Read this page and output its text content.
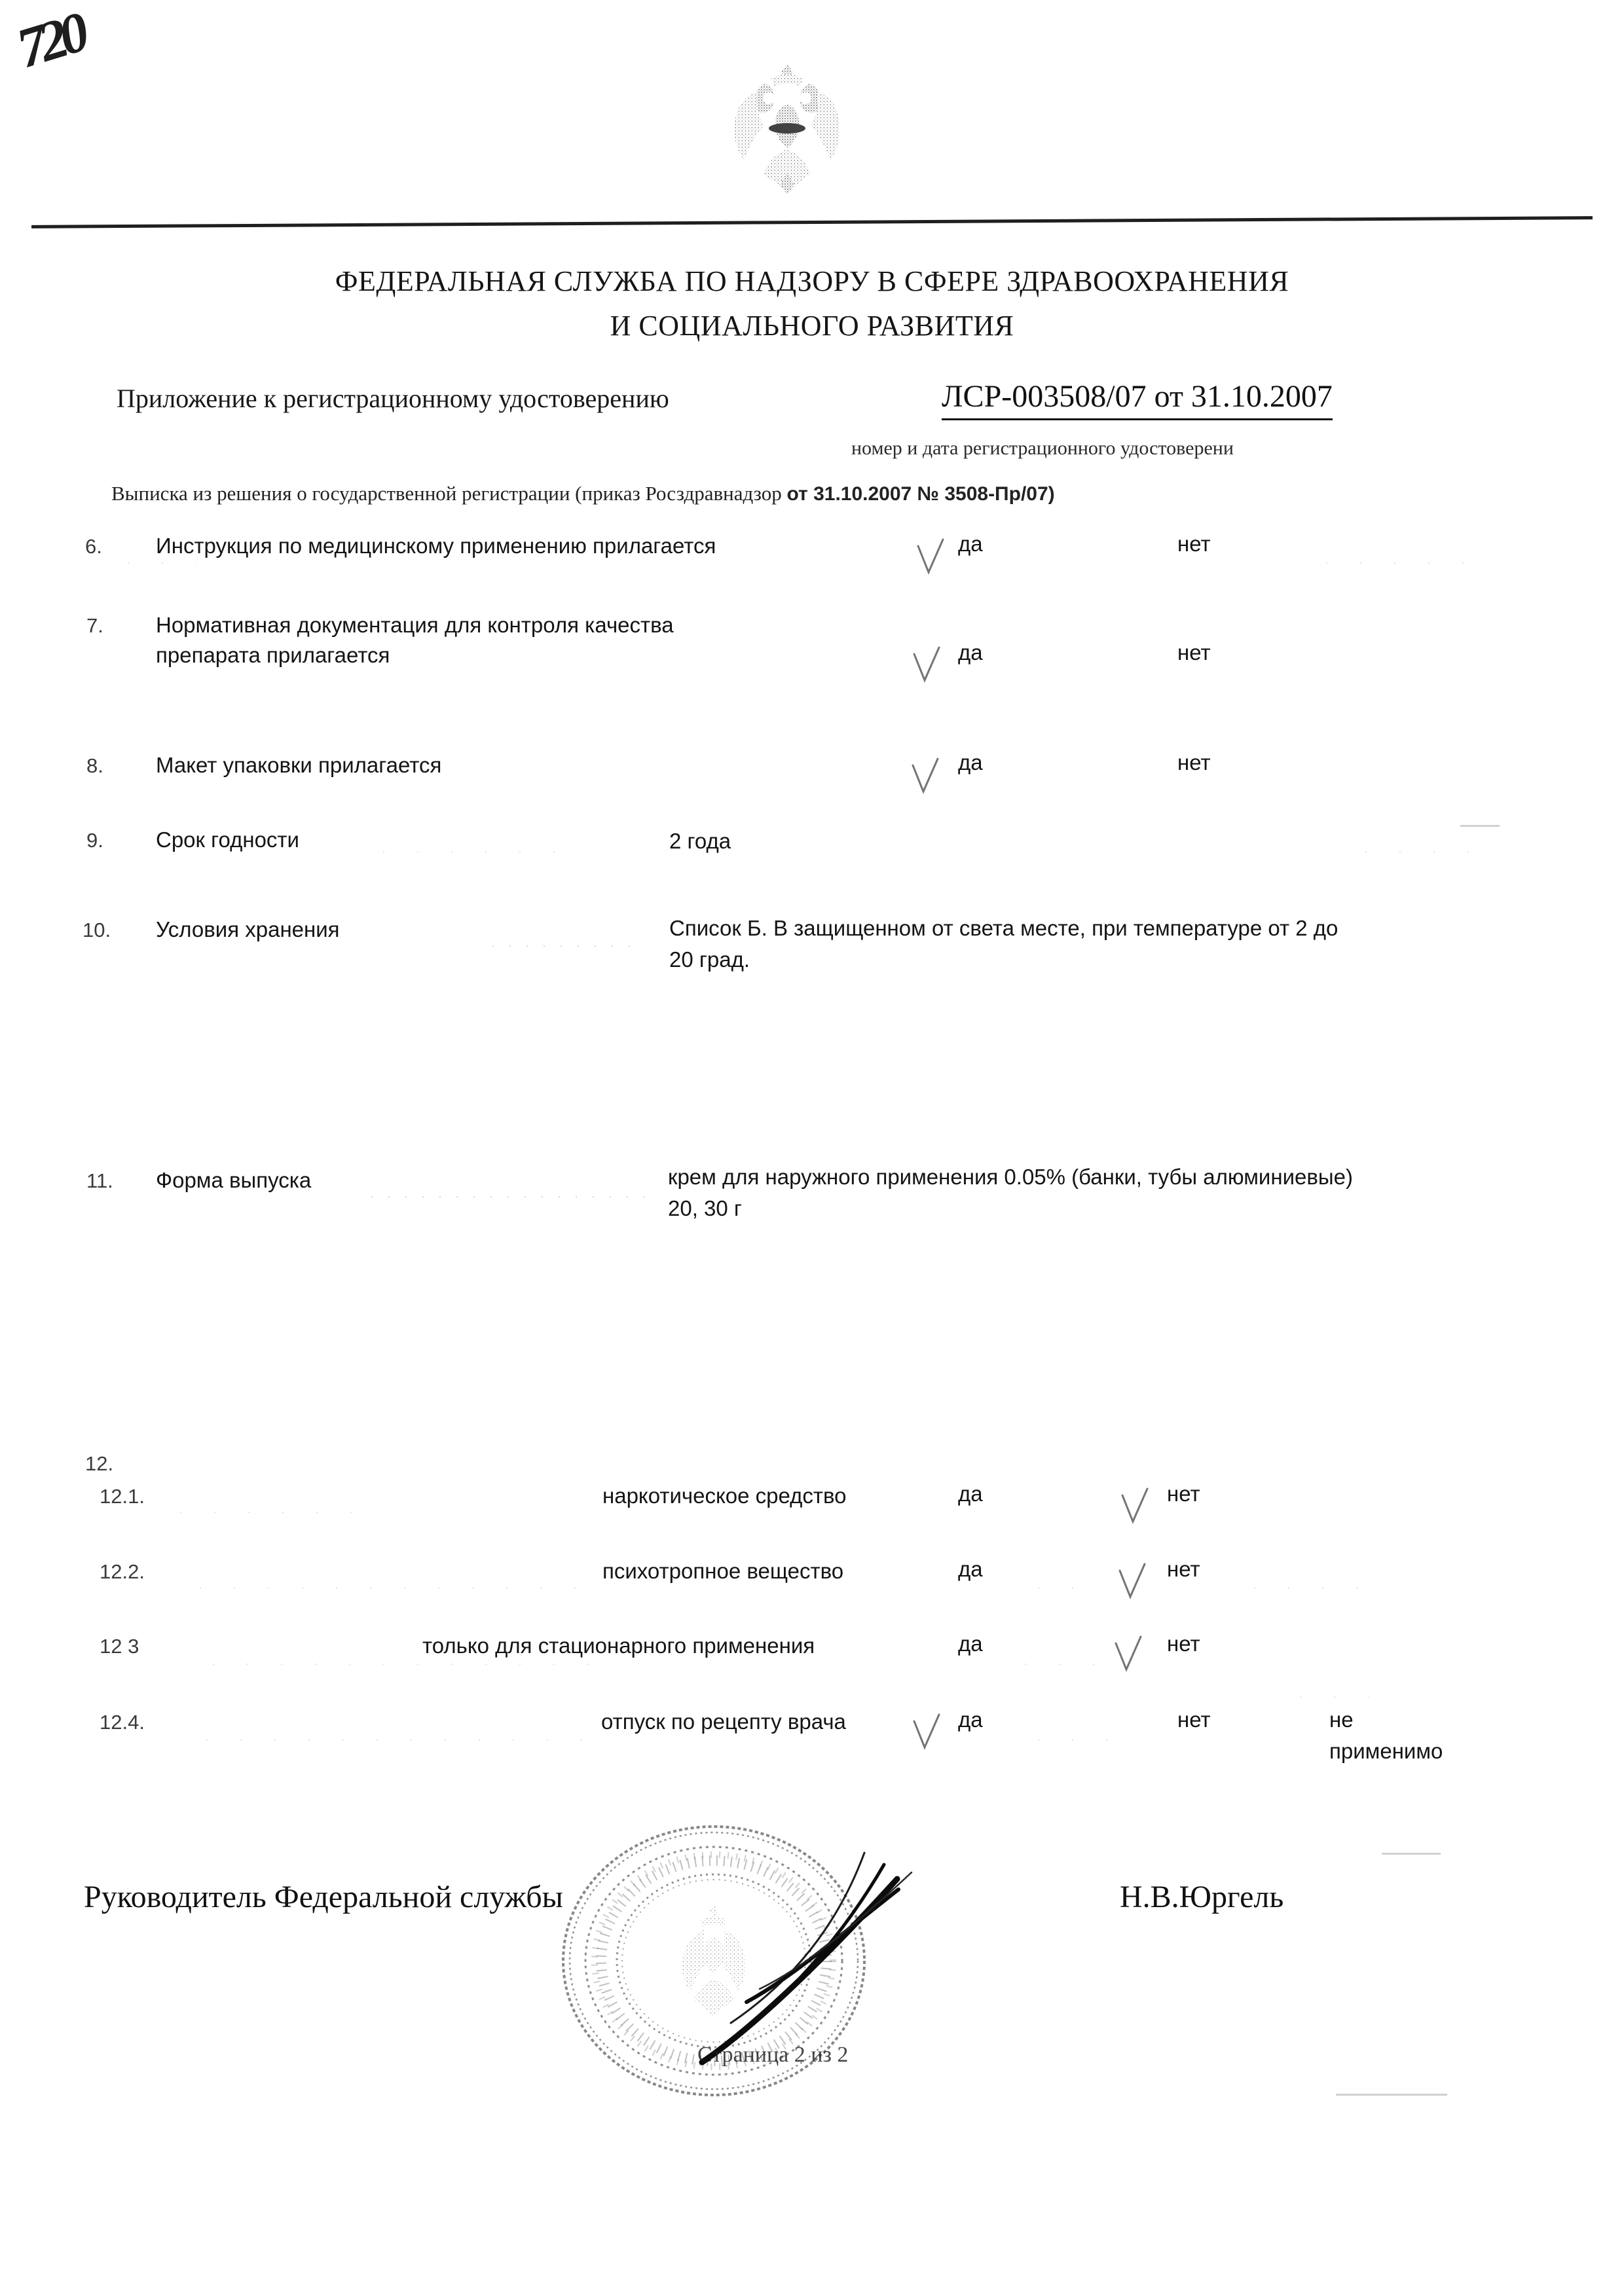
720
ФЕДЕРАЛЬНАЯ СЛУЖБА ПО НАДЗОРУ В СФЕРЕ ЗДРАВООХРАНЕНИЯ
И СОЦИАЛЬНОГО РАЗВИТИЯ
Приложение к регистрационному удостоверению	ЛСР-003508/07 от 31.10.2007
номер и дата регистрационного удостоверени
Выписка из решения о государственной регистрации (приказ Росздравнадзор от 31.10.2007 № 3508-Пр/07)
6. Инструкция по медицинскому применению прилагается	да	нет
7. Нормативная документация для контроля качества
препарата прилагается	да	нет
8. Макет упаковки прилагается	да	нет
9. Срок годности	2 года
10. Условия хранения	Список Б. В защищенном от света месте, при температуре от 2 до
20 град.
11. Форма выпуска	крем для наружного применения 0.05% (банки, тубы алюминиевые)
20, 30 г
12.
12.1.	наркотическое средство	да	нет
12.2.	психотропное вещество	да	нет
12 3	только для стационарного применения	да	нет
12.4.	отпуск по рецепту врача	да	нет	не
применимо
Руководитель Федеральной службы	Н.В.Юргель
Страница 2 из 2
